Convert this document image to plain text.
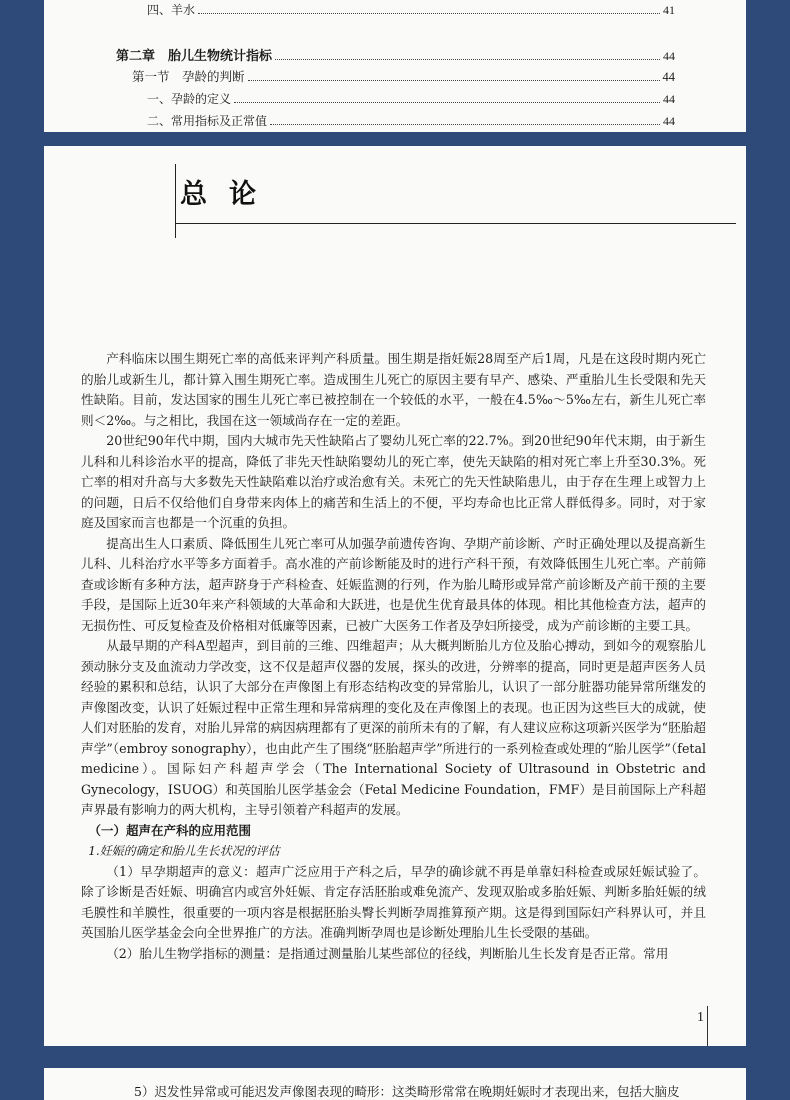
四、羊水	41
第二章　胎儿生物统计指标	44
第一节　孕龄的判断	44
一、孕龄的定义	44
二、常用指标及正常值	44
总论

产科临床以围生期死亡率的高低来评判产科质量。围生期是指妊娠28周至产后1周，凡是在这段时期内死亡的胎儿或新生儿，都计算入围生期死亡率。造成围生儿死亡的原因主要有早产、感染、严重胎儿生长受限和先天性缺陷。目前，发达国家的围生儿死亡率已被控制在一个较低的水平，一般在4.5‰～5‰左右，新生儿死亡率则＜2‰。与之相比，我国在这一领域尚存在一定的差距。

20世纪90年代中期，国内大城市先天性缺陷占了婴幼儿死亡率的22.7%。到20世纪90年代末期，由于新生儿科和儿科诊治水平的提高，降低了非先天性缺陷婴幼儿的死亡率，使先天缺陷的相对死亡率上升至30.3%。死亡率的相对升高与大多数先天性缺陷难以治疗或治愈有关。未死亡的先天性缺陷患儿，由于存在生理上或智力上的问题，日后不仅给他们自身带来肉体上的痛苦和生活上的不便，平均寿命也比正常人群低得多。同时，对于家庭及国家而言也都是一个沉重的负担。

提高出生人口素质、降低围生儿死亡率可从加强孕前遗传咨询、孕期产前诊断、产时正确处理以及提高新生儿科、儿科治疗水平等多方面着手。高水准的产前诊断能及时的进行产科干预，有效降低围生儿死亡率。产前筛查或诊断有多种方法，超声跻身于产科检查、妊娠监测的行列，作为胎儿畸形或异常产前诊断及产前干预的主要手段，是国际上近30年来产科领域的大革命和大跃进，也是优生优育最具体的体现。相比其他检查方法，超声的无损伤性、可反复检查及价格相对低廉等因素，已被广大医务工作者及孕妇所接受，成为产前诊断的主要工具。

从最早期的产科A型超声，到目前的三维、四维超声；从大概判断胎儿方位及胎心搏动，到如今的观察胎儿颈动脉分支及血流动力学改变，这不仅是超声仪器的发展，探头的改进，分辨率的提高，同时更是超声医务人员经验的累积和总结，认识了大部分在声像图上有形态结构改变的异常胎儿，认识了一部分脏器功能异常所继发的声像图改变，认识了妊娠过程中正常生理和异常病理的变化及在声像图上的表现。也正因为这些巨大的成就，使人们对胚胎的发育，对胎儿异常的病因病理都有了更深的前所未有的了解，有人建议应称这项新兴医学为“胚胎超声学”（embroy sonography），也由此产生了围绕“胚胎超声学”所进行的一系列检查或处理的“胎儿医学”（fetal medicine）。国际妇产科超声学会（The International Society of Ultrasound in Obstetric and Gynecology，ISUOG）和英国胎儿医学基金会（Fetal Medicine Foundation，FMF）是目前国际上产科超声界最有影响力的两大机构，主导引领着产科超声的发展。

（一）超声在产科的应用范围
1.妊娠的确定和胎儿生长状况的评估

（1）早孕期超声的意义：超声广泛应用于产科之后，早孕的确诊就不再是单靠妇科检查或尿妊娠试验了。除了诊断是否妊娠、明确宫内或宫外妊娠、肯定存活胚胎或难免流产、发现双胎或多胎妊娠、判断多胎妊娠的绒毛膜性和羊膜性，很重要的一项内容是根据胚胎头臀长判断孕周推算预产期。这是得到国际妇产科界认可，并且英国胎儿医学基金会向全世界推广的方法。准确判断孕周也是诊断处理胎儿生长受限的基础。

（2）胎儿生物学指标的测量：是指通过测量胎儿某些部位的径线，判断胎儿生长发育是否正常。常用

1
5）迟发性异常或可能迟发声像图表现的畸形：这类畸形常常在晚期妊娠时才表现出来，包括大脑皮
